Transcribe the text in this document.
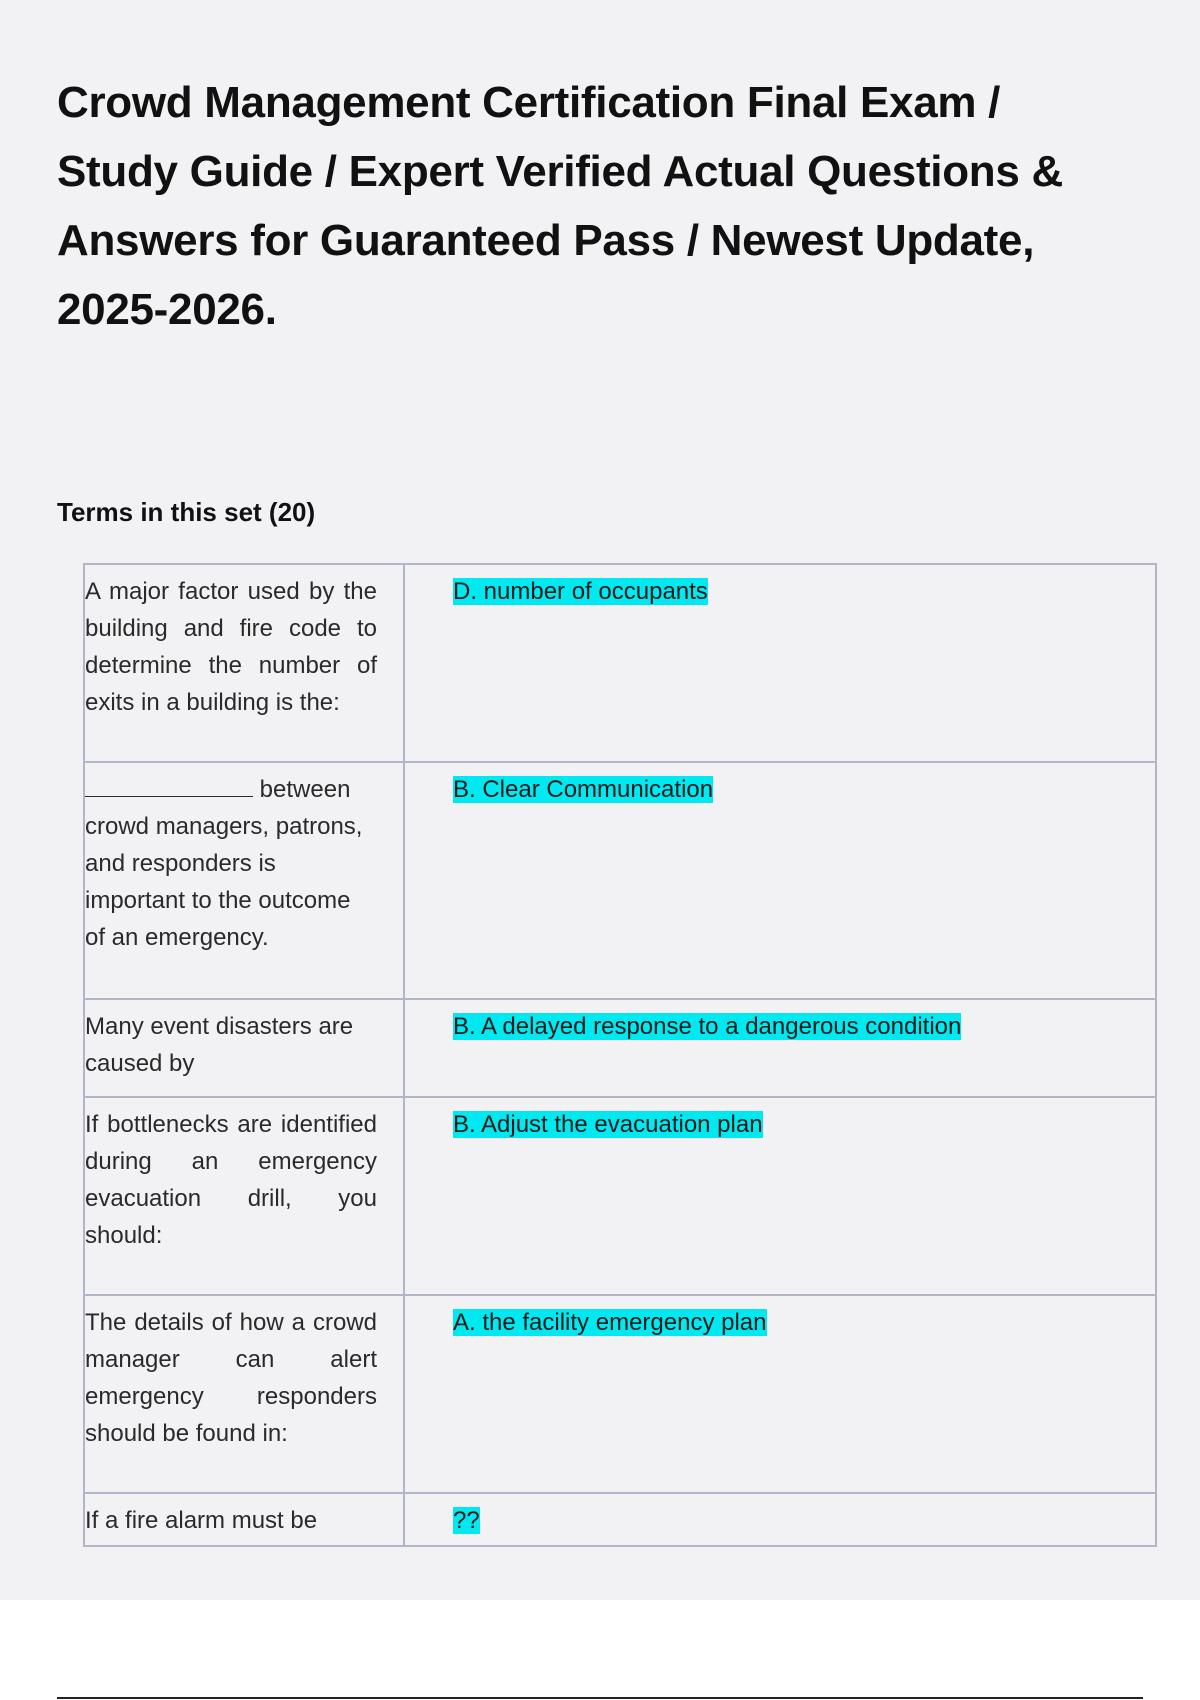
Crowd Management Certification Final Exam / Study Guide / Expert Verified Actual Questions & Answers for Guaranteed Pass / Newest Update, 2025-2026.
Terms in this set (20)
A major factor used by the building and fire code to determine the number of exits in a building is the:	D. number of occupants
between crowd managers, patrons, and responders is important to the outcome of an emergency.	B. Clear Communication
Many event disasters are caused by	B. A delayed response to a dangerous condition
If bottlenecks are identified during an emergency evacuation drill, you should:	B. Adjust the evacuation plan
The details of how a crowd manager can alert emergency responders should be found in:	A. the facility emergency plan
If a fire alarm must be	??
